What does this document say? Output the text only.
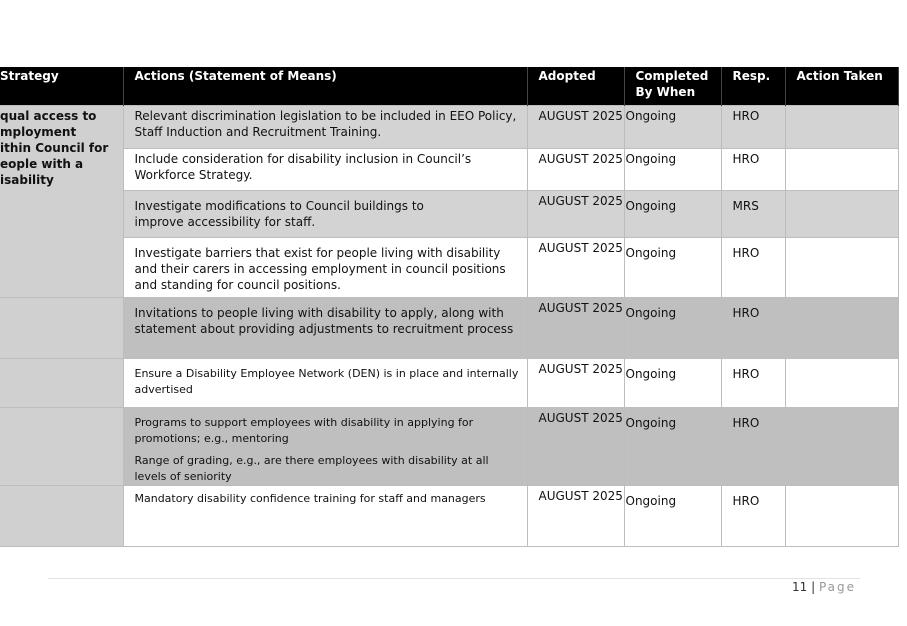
Strategy	Actions (Statement of Means)	Adopted	Completed By When	Resp.	Action Taken
qual access to
mployment
ithin Council for
eople with a
isability	Relevant discrimination legislation to be included in EEO Policy, Staff Induction and Recruitment Training.	AUGUST 2025	Ongoing	HRO	
	Include consideration for disability inclusion in Council’s Workforce Strategy.	AUGUST 2025	Ongoing	HRO	
	Investigate modifications to Council buildings to
improve accessibility for staff.	AUGUST 2025	Ongoing	MRS	
	Investigate barriers that exist for people living with disability and their carers in accessing employment in council positions and standing for council positions.	AUGUST 2025	Ongoing	HRO	
	Invitations to people living with disability to apply, along with statement about providing adjustments to recruitment process	AUGUST 2025	Ongoing	HRO	
	Ensure a Disability Employee Network (DEN) is in place and internally advertised	AUGUST 2025	Ongoing	HRO	
	Programs to support employees with disability in applying for promotions; e.g., mentoring
Range of grading, e.g., are there employees with disability at all levels of seniority	AUGUST 2025	Ongoing	HRO	
	Mandatory disability confidence training for staff and managers	AUGUST 2025	Ongoing	HRO	
11 | Page
